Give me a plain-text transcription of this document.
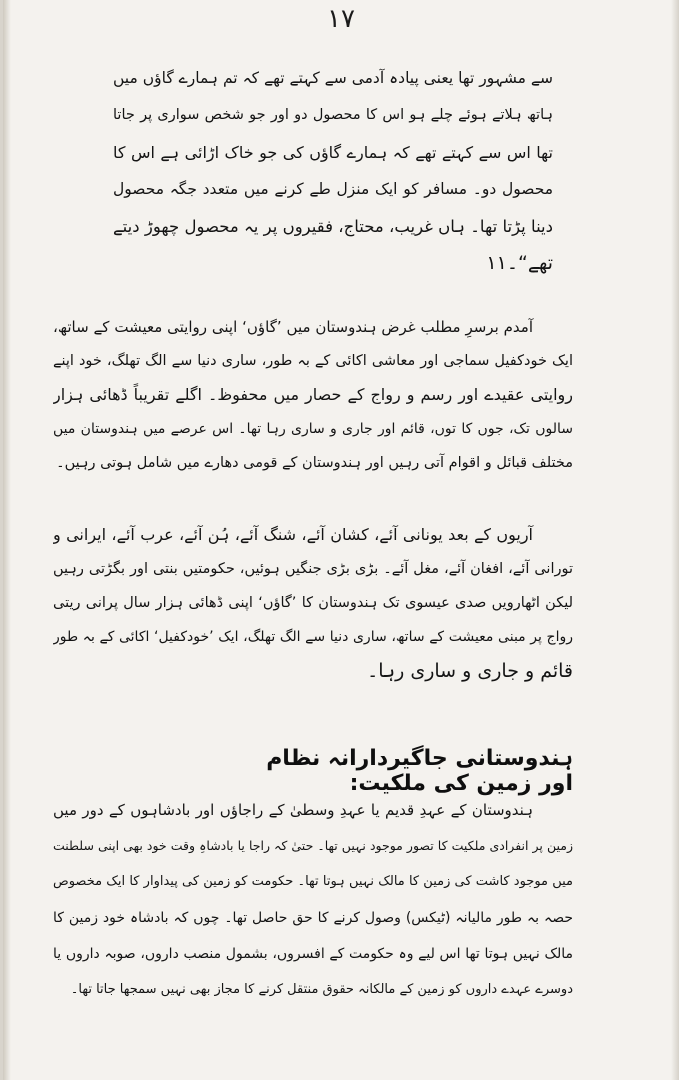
۱۷
سے مشہور تھا یعنی پیادہ آدمی سے کہتے تھے کہ تم ہمارے گاؤں میں
ہاتھ ہلاتے ہوئے چلے ہو اس کا محصول دو اور جو شخص سواری پر جاتا
تھا اس سے کہتے تھے کہ ہمارے گاؤں کی جو خاک اڑائی ہے اس کا
محصول دو۔ مسافر کو ایک منزل طے کرنے میں متعدد جگہ محصول
دینا پڑتا تھا۔ ہاں غریب، محتاج، فقیروں پر یہ محصول چھوڑ دیتے
تھے“۔۱۱
آمدم برسرِ مطلب غرض ہندوستان میں ’گاؤں‘ اپنی روایتی معیشت کے ساتھ،
ایک خودکفیل سماجی اور معاشی اکائی کے بہ طور، ساری دنیا سے الگ تھلگ، خود اپنے
روایتی عقیدے اور رسم و رواج کے حصار میں محفوظ۔ اگلے تقریباً ڈھائی ہزار
سالوں تک، جوں کا توں، قائم اور جاری و ساری رہا تھا۔ اس عرصے میں ہندوستان میں
مختلف قبائل و اقوام آتی رہیں اور ہندوستان کے قومی دھارے میں شامل ہوتی رہیں۔
آریوں کے بعد یونانی آئے، کشان آئے، شنگ آئے، ہُن آئے، عرب آئے، ایرانی و
تورانی آئے، افغان آئے، مغل آئے۔ بڑی بڑی جنگیں ہوئیں، حکومتیں بنتی اور بگڑتی رہیں
لیکن اٹھارویں صدی عیسوی تک ہندوستان کا ’گاؤں‘ اپنی ڈھائی ہزار سال پرانی ریتی
رواج پر مبنی معیشت کے ساتھ، ساری دنیا سے الگ تھلگ، ایک ’خودکفیل‘ اکائی کے بہ طور
قائم و جاری و ساری رہا۔
ہندوستانی جاگیردارانہ نظام اور زمین کی ملکیت:
ہندوستان کے عہدِ قدیم یا عہدِ وسطیٰ کے راجاؤں اور بادشاہوں کے دور میں
زمین پر انفرادی ملکیت کا تصور موجود نہیں تھا۔ حتیٰ کہ راجا یا بادشاہِ وقت خود بھی اپنی سلطنت
میں موجود کاشت کی زمین کا مالک نہیں ہوتا تھا۔ حکومت کو زمین کی پیداوار کا ایک مخصوص
حصہ بہ طور مالیانہ (ٹیکس) وصول کرنے کا حق حاصل تھا۔ چوں کہ بادشاہ خود زمین کا
مالک نہیں ہوتا تھا اس لیے وہ حکومت کے افسروں، بشمول منصب داروں، صوبہ داروں یا
دوسرے عہدے داروں کو زمین کے مالکانہ حقوق منتقل کرنے کا مجاز بھی نہیں سمجھا جاتا تھا۔
